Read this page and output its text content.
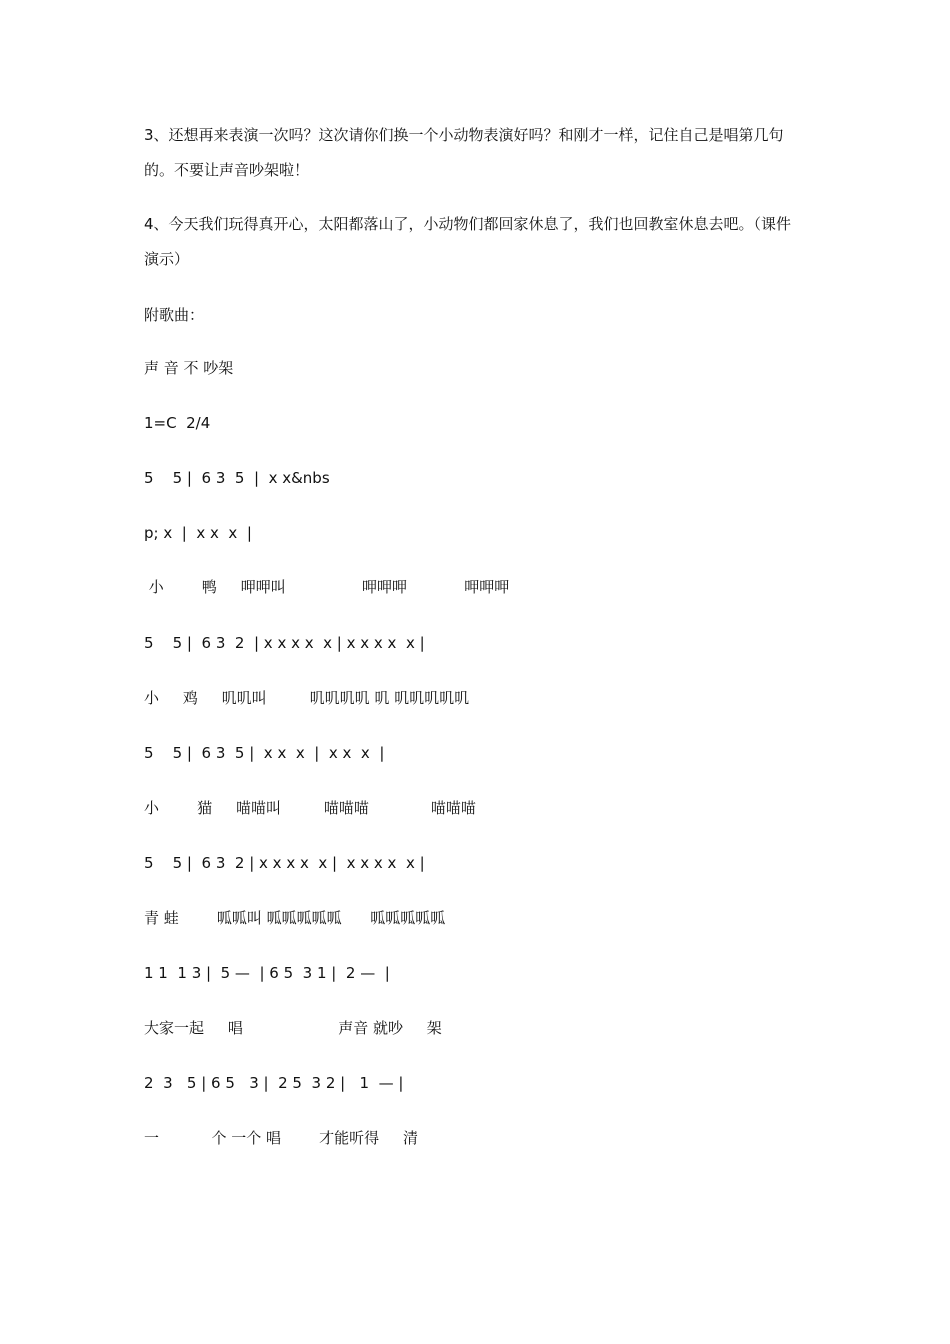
3、还想再来表演一次吗？这次请你们换一个小动物表演好吗？和刚才一样，记住自己是唱第几句的。不要让声音吵架啦！

4、今天我们玩得真开心，太阳都落山了，小动物们都回家休息了，我们也回教室休息去吧。（课件演示）

附歌曲：
声 音 不 吵架
1=C  2/4
5    5 |  6 3  5  |  x x&nbs
p; x  |  x x  x  |
小        鸭     呷呷叫                呷呷呷            呷呷呷
5    5 |  6 3  2  | x x x x  x | x x x x  x |
小     鸡     叽叽叫         叽叽叽叽 叽 叽叽叽叽叽
5    5 |  6 3  5 |  x x  x  |  x x  x  |
小        猫     喵喵叫         喵喵喵             喵喵喵
5    5 |  6 3  2 | x x x x  x |  x x x x  x |
青 蛙        呱呱叫 呱呱呱呱呱      呱呱呱呱呱
1 1  1 3 |  5 —  | 6 5  3 1 |  2 —  |
大家一起     唱                    声音 就吵     架
2  3   5 | 6 5   3 |  2 5  3 2 |   1  — |
一           个 一个 唱        才能听得     清
